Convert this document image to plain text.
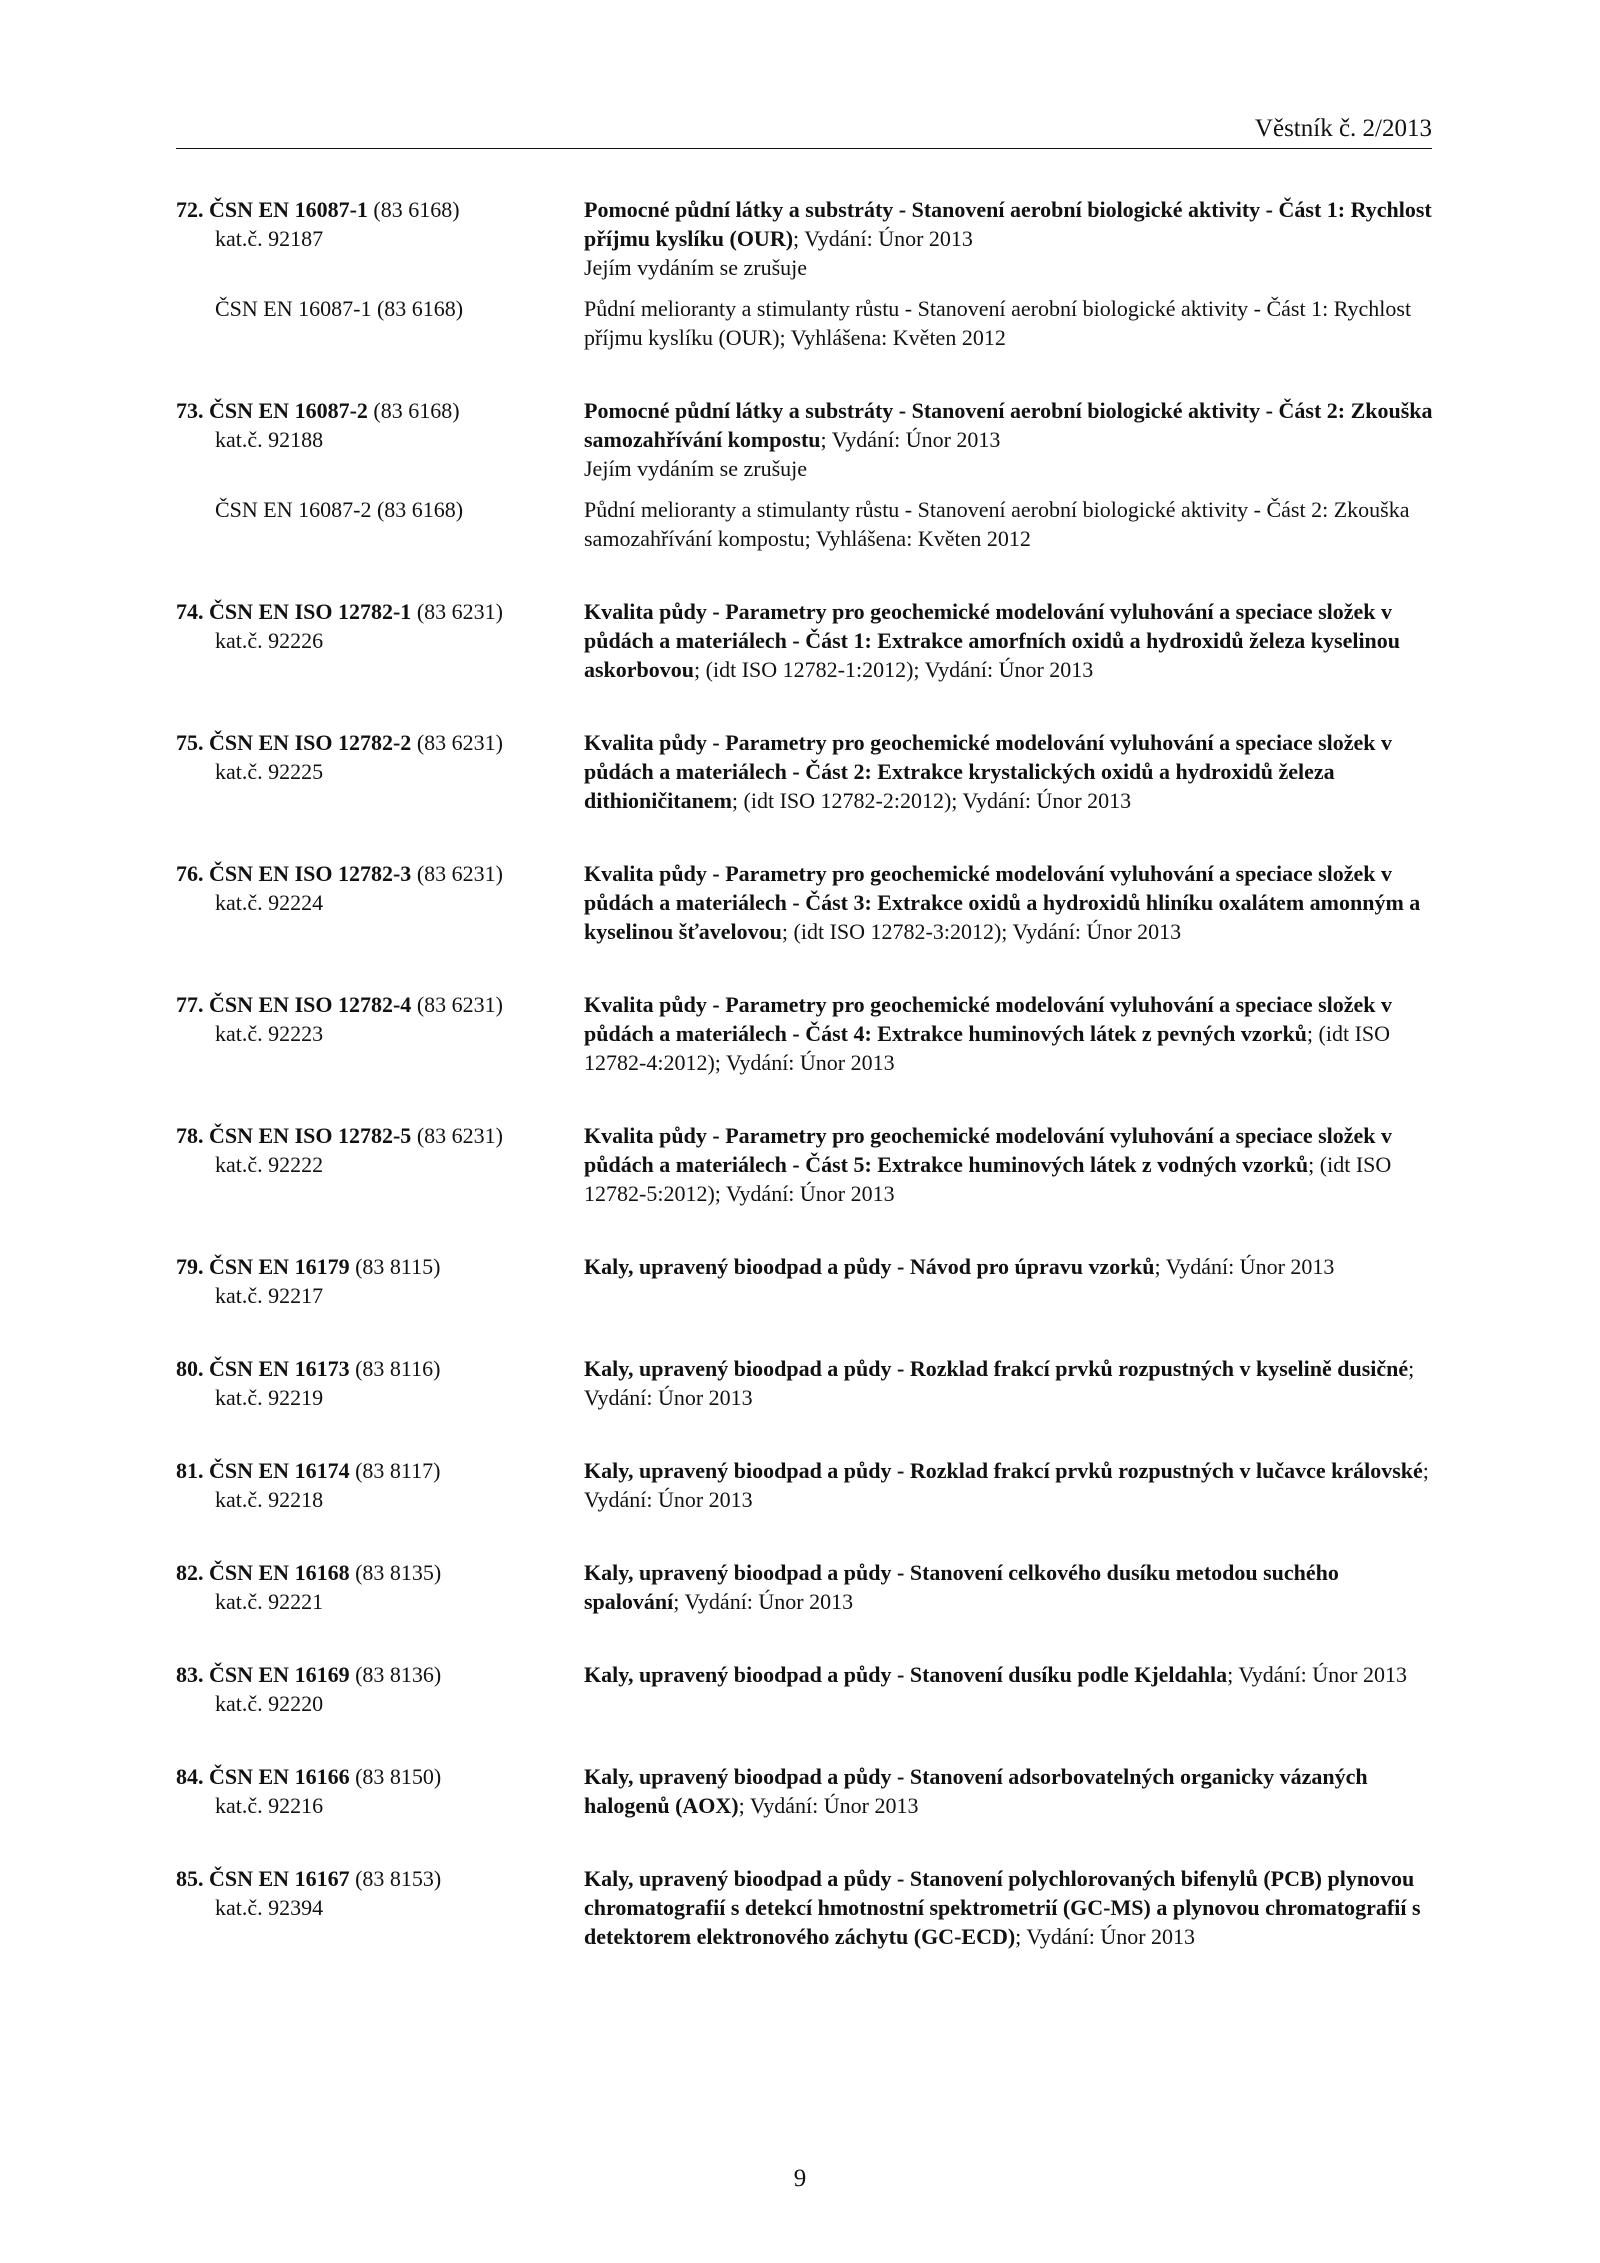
Věstník č. 2/2013
72. ČSN EN 16087-1 (83 6168)
kat.č. 92187
Pomocné půdní látky a substráty - Stanovení aerobní biologické aktivity - Část 1: Rychlost příjmu kyslíku (OUR); Vydání: Únor 2013
Jejím vydáním se zrušuje
ČSN EN 16087-1 (83 6168)	Půdní melioranty a stimulanty růstu - Stanovení aerobní biologické aktivity - Část 1: Rychlost příjmu kyslíku (OUR); Vyhlášena: Květen 2012
73. ČSN EN 16087-2 (83 6168)
kat.č. 92188
Pomocné půdní látky a substráty - Stanovení aerobní biologické aktivity - Část 2: Zkouška samozahřívání kompostu; Vydání: Únor 2013
Jejím vydáním se zrušuje
ČSN EN 16087-2 (83 6168)	Půdní melioranty a stimulanty růstu - Stanovení aerobní biologické aktivity - Část 2: Zkouška samozahřívání kompostu; Vyhlášena: Květen 2012
74. ČSN EN ISO 12782-1 (83 6231)
kat.č. 92226
Kvalita půdy - Parametry pro geochemické modelování vyluhování a speciace složek v půdách a materiálech - Část 1: Extrakce amorfních oxidů a hydroxidů železa kyselinou askorbovou; (idt ISO 12782-1:2012); Vydání: Únor 2013
75. ČSN EN ISO 12782-2 (83 6231)
kat.č. 92225
Kvalita půdy - Parametry pro geochemické modelování vyluhování a speciace složek v půdách a materiálech - Část 2: Extrakce krystalických oxidů a hydroxidů železa dithioničitanem; (idt ISO 12782-2:2012); Vydání: Únor 2013
76. ČSN EN ISO 12782-3 (83 6231)
kat.č. 92224
Kvalita půdy - Parametry pro geochemické modelování vyluhování a speciace složek v půdách a materiálech - Část 3: Extrakce oxidů a hydroxidů hliníku oxalátem amonným a kyselinou šťavelovou; (idt ISO 12782-3:2012); Vydání: Únor 2013
77. ČSN EN ISO 12782-4 (83 6231)
kat.č. 92223
Kvalita půdy - Parametry pro geochemické modelování vyluhování a speciace složek v půdách a materiálech - Část 4: Extrakce huminových látek z pevných vzorků; (idt ISO 12782-4:2012); Vydání: Únor 2013
78. ČSN EN ISO 12782-5 (83 6231)
kat.č. 92222
Kvalita půdy - Parametry pro geochemické modelování vyluhování a speciace složek v půdách a materiálech - Část 5: Extrakce huminových látek z vodných vzorků; (idt ISO 12782-5:2012); Vydání: Únor 2013
79. ČSN EN 16179 (83 8115)
kat.č. 92217
Kaly, upravený bioodpad a půdy - Návod pro úpravu vzorků; Vydání: Únor 2013
80. ČSN EN 16173 (83 8116)
kat.č. 92219
Kaly, upravený bioodpad a půdy - Rozklad frakcí prvků rozpustných v kyselině dusičné; Vydání: Únor 2013
81. ČSN EN 16174 (83 8117)
kat.č. 92218
Kaly, upravený bioodpad a půdy - Rozklad frakcí prvků rozpustných v lučavce královské; Vydání: Únor 2013
82. ČSN EN 16168 (83 8135)
kat.č. 92221
Kaly, upravený bioodpad a půdy - Stanovení celkového dusíku metodou suchého spalování; Vydání: Únor 2013
83. ČSN EN 16169 (83 8136)
kat.č. 92220
Kaly, upravený bioodpad a půdy - Stanovení dusíku podle Kjeldahla; Vydání: Únor 2013
84. ČSN EN 16166 (83 8150)
kat.č. 92216
Kaly, upravený bioodpad a půdy - Stanovení adsorbovatelných organicky vázaných halogenů (AOX); Vydání: Únor 2013
85. ČSN EN 16167 (83 8153)
kat.č. 92394
Kaly, upravený bioodpad a půdy - Stanovení polychlorovaných bifenylů (PCB) plynovou chromatografií s detekcí hmotnostní spektrometrií (GC-MS) a plynovou chromatografií s detektorem elektronového záchytu (GC-ECD); Vydání: Únor 2013
9
